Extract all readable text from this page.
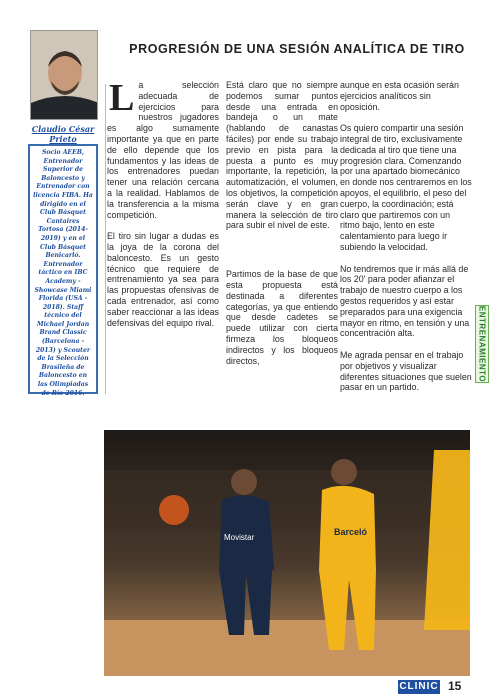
Claudio César Prieto
Socio AEEB, Entrenador Superior de Baloncesto y Entrenador con licencia FIBA. Ha dirigido en el Club Básquet Cantaires Tortosa (2014-2019) y en el Club Básquet Benicarló. Entrenador táctico en IBC Academy - Showcase Miami Florida (USA - 2018). Staff técnico del Michael Jordan Brand Classic (Barcelona - 2013) y Scouter de la Selección Brasileña de Baloncesto en las Olimpiadas de Río 2016.
PROGRESIÓN DE UNA SESIÓN ANALÍTICA DE TIRO

La selección adecuada de ejercicios para nuestros jugadores es algo sumamente importante ya que en parte de ello depende que los fundamentos y las ideas de los entrenadores puedan tener una relación cercana a la realidad. Hablamos de la transferencia a la misma competición.

El tiro sin lugar a dudas es la joya de la corona del baloncesto. Es un gesto técnico que requiere de entrenamiento ya sea para las propuestas ofensivas de cada entrenador, así como saber reaccionar a las ideas defensivas del equipo rival.

Está claro que no siempre podemos sumar puntos desde una entrada en bandeja o un mate (hablando de canastas fáciles) por ende su trabajo previo en pista para la puesta a punto es muy importante, la repetición, la automatización, el volumen, los objetivos, la competición serán clave y en gran manera la selección de tiro para subir el nivel de este.

Partimos de la base de que esta propuesta está destinada a diferentes categorías, ya que entiendo que desde cadetes se puede utilizar con cierta firmeza los bloqueos indirectos y los bloqueos directos,

aunque en esta ocasión serán ejercicios analíticos sin oposición.

Os quiero compartir una sesión integral de tiro, exclusivamente dedicada al tiro que tiene una progresión clara. Comenzando por una apartado biomecánico en donde nos centraremos en los apoyos, el equilibrio, el peso del cuerpo, la coordinación; está claro que partiremos con un ritmo bajo, lento en este calentamiento para luego ir subiendo la velocidad.

No tendremos que ir más allá de los 20' para poder afianzar el trabajo de nuestro cuerpo a los gestos requeridos y así estar preparados para una exigencia mayor en ritmo, en tensión y una concentración alta.

Me agrada pensar en el trabajo por objetivos y visualizar diferentes situaciones que suelen pasar en un partido.

ENTRENAMIENTO
Barceló
Movistar
CLINIC 15
